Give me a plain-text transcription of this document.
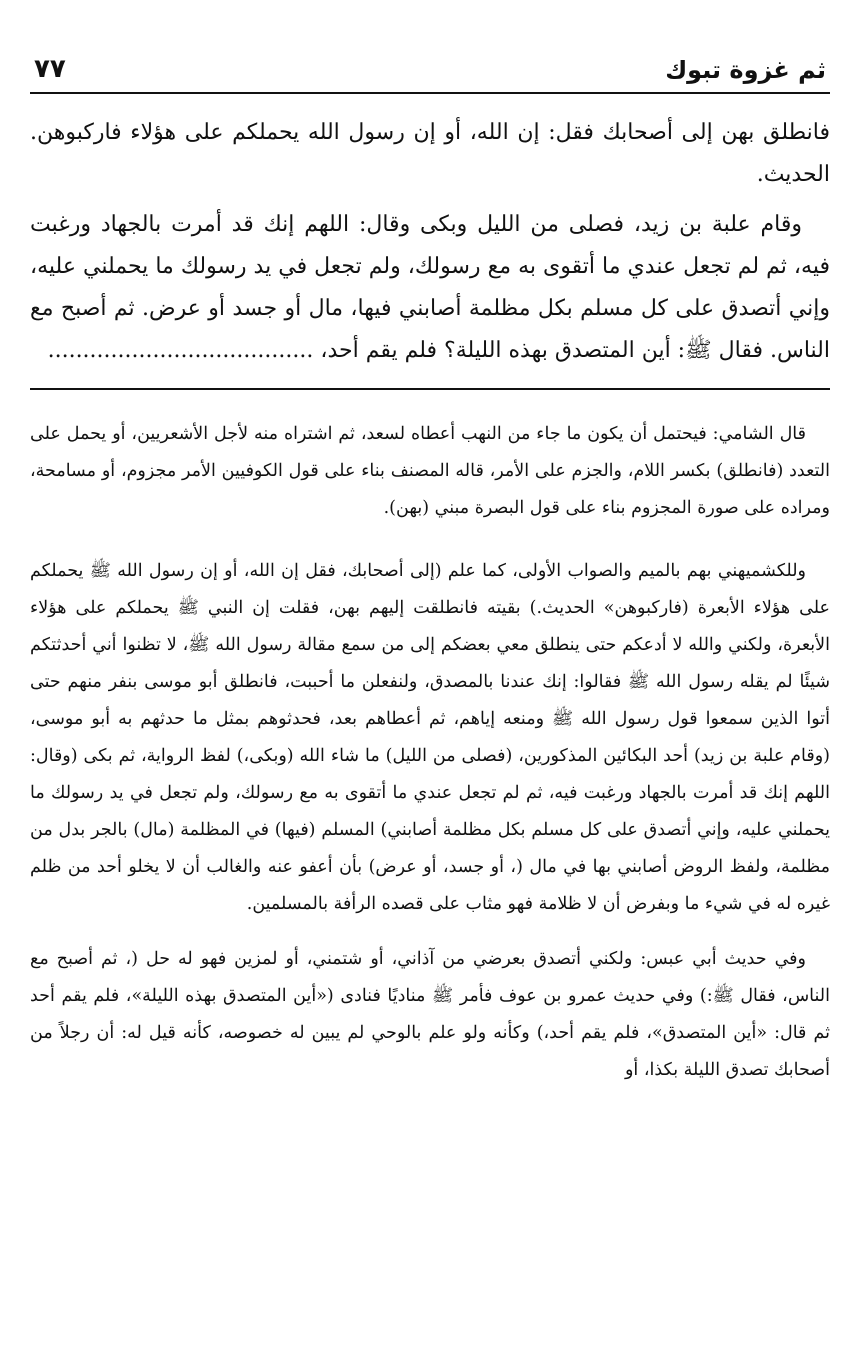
ثم غزوة تبوك
٧٧

فانطلق بهن إلى أصحابك فقل: إن الله، أو إن رسول الله يحملكم على هؤلاء فاركبوهن. الحديث.

وقام علبة بن زيد، فصلى من الليل وبكى وقال: اللهم إنك قد أمرت بالجهاد ورغبت فيه، ثم لم تجعل عندي ما أتقوى به مع رسولك، ولم تجعل في يد رسولك ما يحملني عليه، وإني أتصدق على كل مسلم بكل مظلمة أصابني فيها، مال أو جسد أو عرض. ثم أصبح مع الناس. فقال ﷺ: أين المتصدق بهذه الليلة؟ فلم يقم أحد، ......................................

قال الشامي: فيحتمل أن يكون ما جاء من النهب أعطاه لسعد، ثم اشتراه منه لأجل الأشعريين، أو يحمل على التعدد (فانطلق) بكسر اللام، والجزم على الأمر، قاله المصنف بناء على قول الكوفيين الأمر مجزوم، أو مسامحة، ومراده على صورة المجزوم بناء على قول البصرة مبني (بهن).

وللكشميهني بهم بالميم والصواب الأولى، كما علم (إلى أصحابك، فقل إن الله، أو إن رسول الله ﷺ يحملكم على هؤلاء الأبعرة (فاركبوهن» الحديث.) بقيته فانطلقت إليهم بهن، فقلت إن النبي ﷺ يحملكم على هؤلاء الأبعرة، ولكني والله لا أدعكم حتى ينطلق معي بعضكم إلى من سمع مقالة رسول الله ﷺ، لا تظنوا أني أحدثتكم شيئًا لم يقله رسول الله ﷺ فقالوا: إنك عندنا بالمصدق، ولنفعلن ما أحببت، فانطلق أبو موسى بنفر منهم حتى أتوا الذين سمعوا قول رسول الله ﷺ ومنعه إياهم، ثم أعطاهم بعد، فحدثوهم بمثل ما حدثهم به أبو موسى، (وقام علبة بن زيد) أحد البكائين المذكورين، (فصلى من الليل) ما شاء الله (وبكى،) لفظ الرواية، ثم بكى (وقال: اللهم إنك قد أمرت بالجهاد ورغبت فيه، ثم لم تجعل عندي ما أتقوى به مع رسولك، ولم تجعل في يد رسولك ما يحملني عليه، وإني أتصدق على كل مسلم بكل مظلمة أصابني) المسلم (فيها) في المظلمة (مال) بالجر بدل من مظلمة، ولفظ الروض أصابني بها في مال (، أو جسد، أو عرض) بأن أعفو عنه والغالب أن لا يخلو أحد من ظلم غيره له في شيء ما وبفرض أن لا ظلامة فهو مثاب على قصده الرأفة بالمسلمين.

وفي حديث أبي عبس: ولكني أتصدق بعرضي من آذاني، أو شتمني، أو لمزين فهو له حل (، ثم أصبح مع الناس، فقال ﷺ:) وفي حديث عمرو بن عوف فأمر ﷺ مناديًا فنادى («أين المتصدق بهذه الليلة»، فلم يقم أحد ثم قال: «أين المتصدق»، فلم يقم أحد،) وكأنه ولو علم بالوحي لم يبين له خصوصه، كأنه قيل له: أن رجلاً من أصحابك تصدق الليلة بكذا، أو
